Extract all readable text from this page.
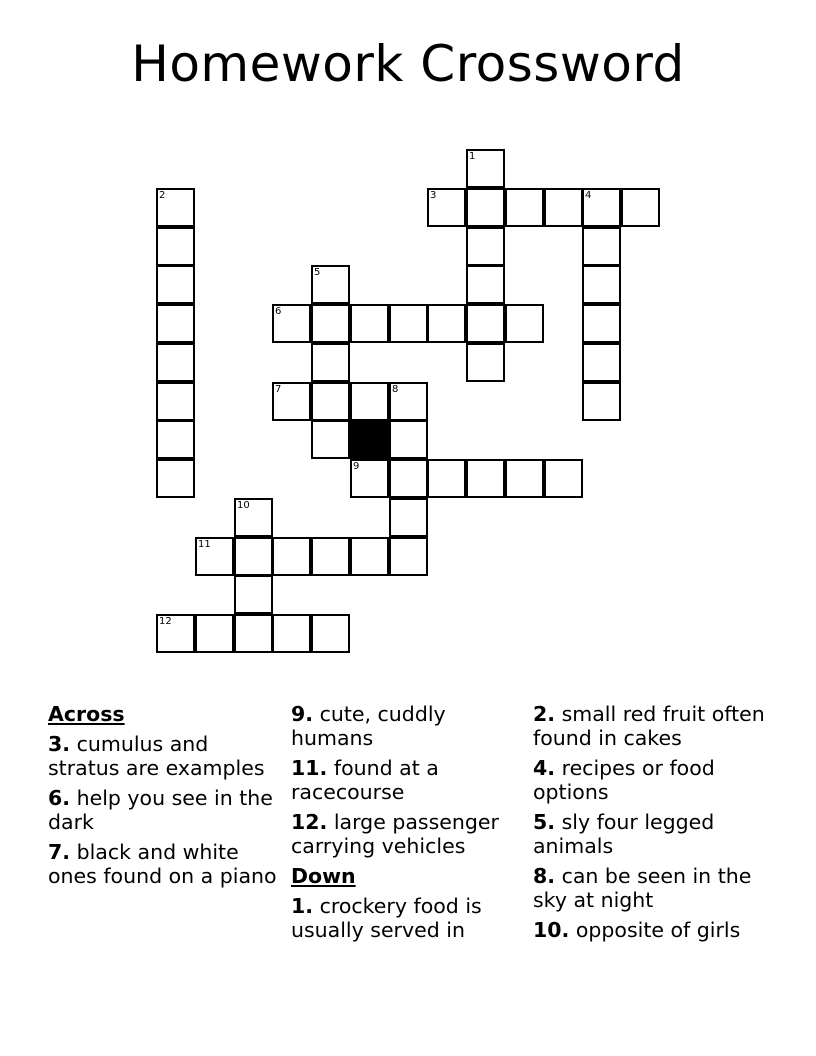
Homework Crossword
1
3	4
2
5
6
7	8
9
10
11
12
Across
3. cumulus and stratus are examples
6. help you see in the dark
7. black and white ones found on a piano
9. cute, cuddly humans
11. found at a racecourse
12. large passenger carrying vehicles
Down
1. crockery food is usually served in
2. small red fruit often found in cakes
4. recipes or food options
5. sly four legged animals
8. can be seen in the sky at night
10. opposite of girls
